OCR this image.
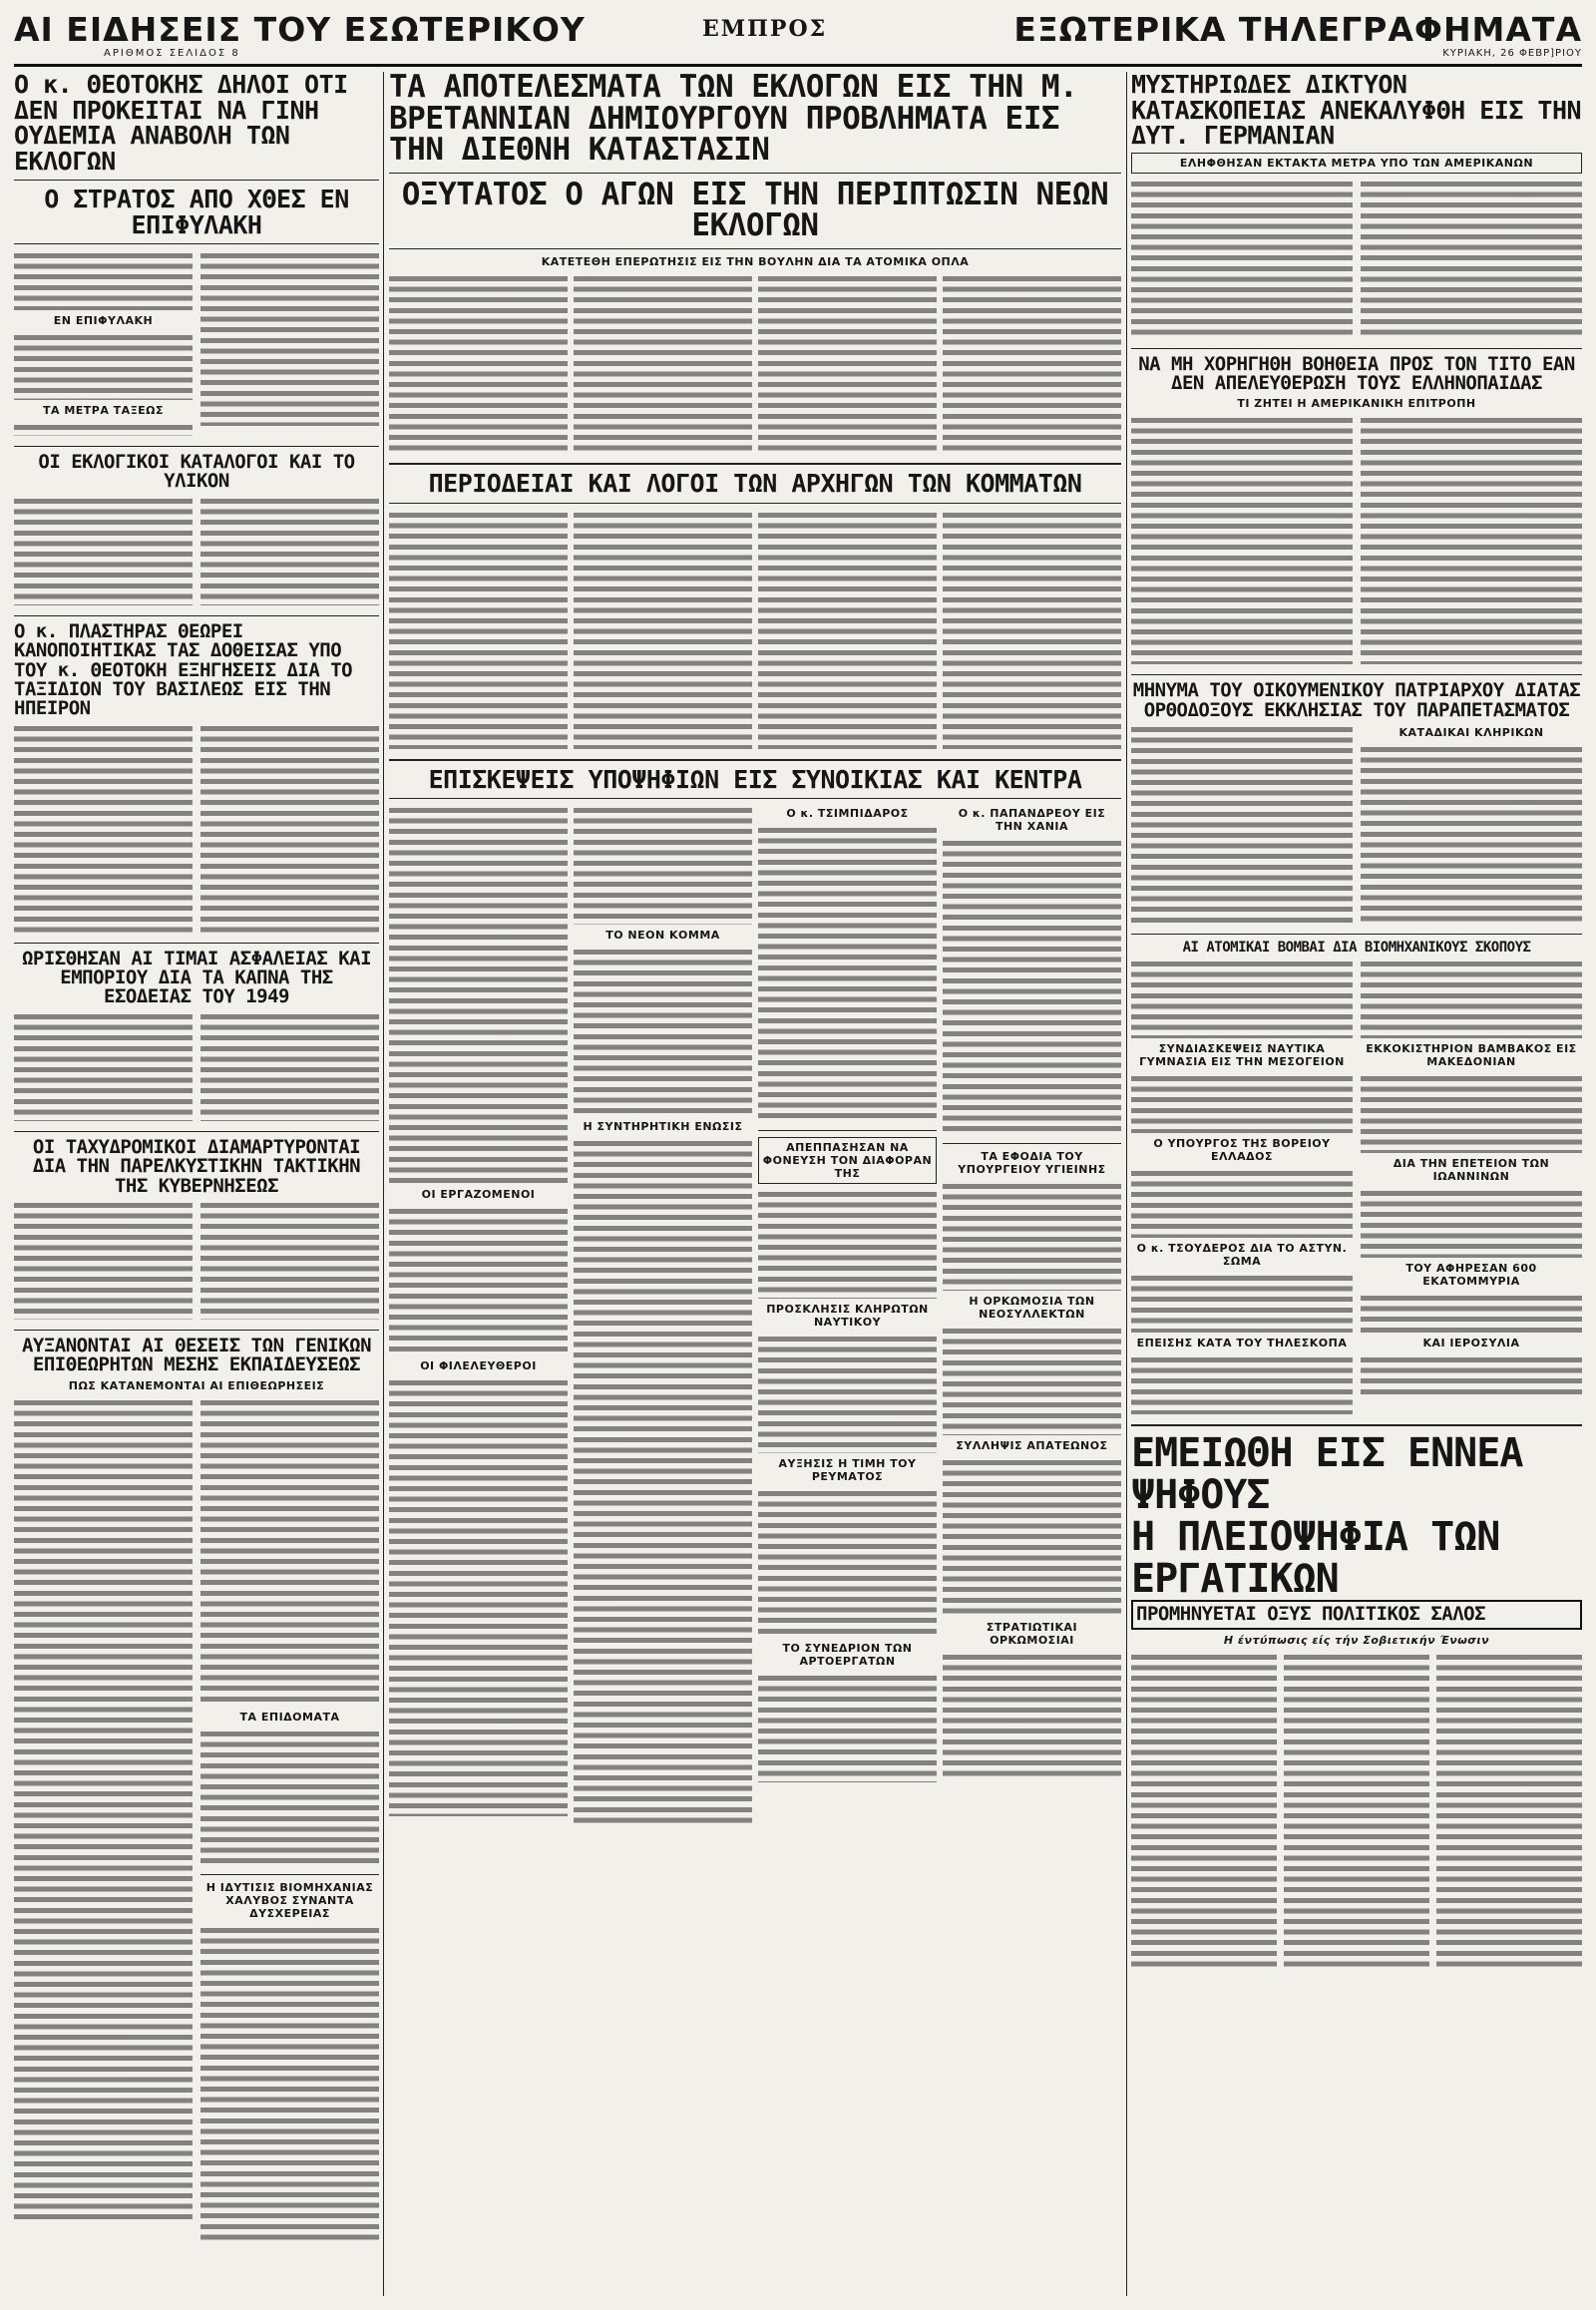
ΑΙ ΕΙΔΗΣΕΙΣ ΤΟΥ ΕΣΩΤΕΡΙΚΟΥ
ΑΡΙΘΜΟΣ ΣΕΛΙΔΟΣ 8
ΕΜΠΡΟΣ	ΕΞΩΤΕΡΙΚΑ ΤΗΛΕΓΡΑΦΗΜΑΤΑ
ΚΥΡΙΑΚΗ, 26 ΦΕΒΡ]ΡΙΟΥ
Ο κ. ΘΕΟΤΟΚΗΣ ΔΗΛΟΙ ΟΤΙ ΔΕΝ ΠΡΟΚΕΙΤΑΙ ΝΑ ΓΙΝΗ ΟΥΔΕΜΙΑ ΑΝΑΒΟΛΗ ΤΩΝ ΕΚΛΟΓΩΝ
Ο ΣΤΡΑΤΟΣ ΑΠΟ ΧΘΕΣ ΕΝ ΕΠΙΦΥΛΑΚΗ
ΕΝ ΕΠΙΦΥΛΑΚΗ
ΤΑ ΜΕΤΡΑ ΤΑΞΕΩΣ
ΟΙ ΕΚΛΟΓΙΚΟΙ ΚΑΤΑΛΟΓΟΙ ΚΑΙ ΤΟ ΥΛΙΚΟΝ
Ο κ. ΠΛΑΣΤΗΡΑΣ ΘΕΩΡΕΙ ΚΑΝΟΠΟΙΗΤΙΚΑΣ ΤΑΣ ΔΟΘΕΙΣΑΣ ΥΠΟ ΤΟΥ κ. ΘΕΟΤΟΚΗ ΕΞΗΓΗΣΕΙΣ ΔΙΑ ΤΟ ΤΑΞΙΔΙΟΝ ΤΟΥ ΒΑΣΙΛΕΩΣ ΕΙΣ ΤΗΝ ΗΠΕΙΡΟΝ
ΩΡΙΣΘΗΣΑΝ ΑΙ ΤΙΜΑΙ ΑΣΦΑΛΕΙΑΣ ΚΑΙ ΕΜΠΟΡΙΟΥ ΔΙΑ ΤΑ ΚΑΠΝΑ ΤΗΣ ΕΣΟΔΕΙΑΣ ΤΟΥ 1949
ΟΙ ΤΑΧΥΔΡΟΜΙΚΟΙ ΔΙΑΜΑΡΤΥΡΟΝΤΑΙ ΔΙΑ ΤΗΝ ΠΑΡΕΛΚΥΣΤΙΚΗΝ ΤΑΚΤΙΚΗΝ ΤΗΣ ΚΥΒΕΡΝΗΣΕΩΣ
ΑΥΞΑΝΟΝΤΑΙ ΑΙ ΘΕΣΕΙΣ ΤΩΝ ΓΕΝΙΚΩΝ ΕΠΙΘΕΩΡΗΤΩΝ ΜΕΣΗΣ ΕΚΠΑΙΔΕΥΣΕΩΣ
ΠΩΣ ΚΑΤΑΝΕΜΟΝΤΑΙ ΑΙ ΕΠΙΘΕΩΡΗΣΕΙΣ
ΤΑ ΕΠΙΔΟΜΑΤΑ
Η ΙΔΥΤΙΣΙΣ ΒΙΟΜΗΧΑΝΙΑΣ ΧΑΛΥΒΟΣ ΣΥΝΑΝΤΑ ΔΥΣΧΕΡΕΙΑΣ
ΤΑ ΑΠΟΤΕΛΕΣΜΑΤΑ ΤΩΝ ΕΚΛΟΓΩΝ ΕΙΣ ΤΗΝ Μ. ΒΡΕΤΑΝΝΙΑΝ ΔΗΜΙΟΥΡΓΟΥΝ ΠΡΟΒΛΗΜΑΤΑ ΕΙΣ ΤΗΝ ΔΙΕΘΝΗ ΚΑΤΑΣΤΑΣΙΝ
ΟΞΥΤΑΤΟΣ Ο ΑΓΩΝ ΕΙΣ ΤΗΝ ΠΕΡΙΠΤΩΣΙΝ ΝΕΩΝ ΕΚΛΟΓΩΝ
ΚΑΤΕΤΕΘΗ ΕΠΕΡΩΤΗΣΙΣ ΕΙΣ ΤΗΝ ΒΟΥΛΗΝ ΔΙΑ ΤΑ ΑΤΟΜΙΚΑ ΟΠΛΑ
ΠΕΡΙΟΔΕΙΑΙ ΚΑΙ ΛΟΓΟΙ ΤΩΝ ΑΡΧΗΓΩΝ ΤΩΝ ΚΟΜΜΑΤΩΝ
ΕΠΙΣΚΕΨΕΙΣ ΥΠΟΨΗΦΙΩΝ ΕΙΣ ΣΥΝΟΙΚΙΑΣ ΚΑΙ ΚΕΝΤΡΑ
ΟΙ ΕΡΓΑΖΟΜΕΝΟΙ
ΟΙ ΦΙΛΕΛΕΥΘΕΡΟΙ
ΤΟ ΝΕΟΝ ΚΟΜΜΑ
Η ΣΥΝΤΗΡΗΤΙΚΗ ΕΝΩΣΙΣ
Ο κ. ΤΣΙΜΠΙΔΑΡΟΣ
ΑΠΕΠΠΑΣΗΣΑΝ ΝΑ ΦΟΝΕΥΣΗ ΤΟΝ ΔΙΑΦΟΡΑΝ ΤΗΣ
ΠΡΟΣΚΛΗΣΙΣ ΚΛΗΡΩΤΩΝ ΝΑΥΤΙΚΟΥ
ΑΥΞΗΣΙΣ Η ΤΙΜΗ ΤΟΥ ΡΕΥΜΑΤΟΣ
ΤΟ ΣΥΝΕΔΡΙΟΝ ΤΩΝ ΑΡΤΟΕΡΓΑΤΩΝ
Ο κ. ΠΑΠΑΝΔΡΕΟΥ ΕΙΣ ΤΗΝ ΧΑΝΙΑ
ΤΑ ΕΦΟΔΙΑ ΤΟΥ ΥΠΟΥΡΓΕΙΟΥ ΥΓΙΕΙΝΗΣ
Η ΟΡΚΩΜΟΣΙΑ ΤΩΝ ΝΕΟΣΥΛΛΕΚΤΩΝ
ΣΥΛΛΗΨΙΣ ΑΠΑΤΕΩΝΟΣ
ΣΤΡΑΤΙΩΤΙΚΑΙ ΟΡΚΩΜΟΣΙΑΙ
ΜΥΣΤΗΡΙΩΔΕΣ ΔΙΚΤΥΟΝ ΚΑΤΑΣΚΟΠΕΙΑΣ ΑΝΕΚΑΛΥΦΘΗ ΕΙΣ ΤΗΝ ΔΥΤ. ΓΕΡΜΑΝΙΑΝ
ΕΛΗΦΘΗΣΑΝ ΕΚΤΑΚΤΑ ΜΕΤΡΑ ΥΠΟ ΤΩΝ ΑΜΕΡΙΚΑΝΩΝ
ΝΑ ΜΗ ΧΟΡΗΓΗΘΗ ΒΟΗΘΕΙΑ ΠΡΟΣ ΤΟΝ ΤΙΤΟ ΕΑΝ ΔΕΝ ΑΠΕΛΕΥΘΕΡΩΣΗ ΤΟΥΣ ΕΛΛΗΝΟΠΑΙΔΑΣ
ΤΙ ΖΗΤΕΙ Η ΑΜΕΡΙΚΑΝΙΚΗ ΕΠΙΤΡΟΠΗ
ΜΗΝΥΜΑ ΤΟΥ ΟΙΚΟΥΜΕΝΙΚΟΥ ΠΑΤΡΙΑΡΧΟΥ ΔΙΑΤΑΣ ΟΡΘΟΔΟΞΟΥΣ ΕΚΚΛΗΣΙΑΣ ΤΟΥ ΠΑΡΑΠΕΤΑΣΜΑΤΟΣ
ΚΑΤΑΔΙΚΑΙ ΚΛΗΡΙΚΩΝ
ΑΙ ΑΤΟΜΙΚΑΙ ΒΟΜΒΑΙ ΔΙΑ ΒΙΟΜΗΧΑΝΙΚΟΥΣ ΣΚΟΠΟΥΣ
ΣΥΝΔΙΑΣΚΕΨΕΙΣ ΝΑΥΤΙΚΑ ΓΥΜΝΑΣΙΑ ΕΙΣ ΤΗΝ ΜΕΣΟΓΕΙΟΝ
Ο ΥΠΟΥΡΓΟΣ ΤΗΣ ΒΟΡΕΙΟΥ ΕΛΛΑΔΟΣ
Ο κ. ΤΣΟΥΔΕΡΟΣ ΔΙΑ ΤΟ ΑΣΤΥΝ. ΣΩΜΑ
ΕΠΕΙΣΗΣ ΚΑΤΑ ΤΟΥ ΤΗΛΕΣΚΟΠΑ
ΕΚΚΟΚΙΣΤΗΡΙΟΝ ΒΑΜΒΑΚΟΣ ΕΙΣ ΜΑΚΕΔΟΝΙΑΝ
ΔΙΑ ΤΗΝ ΕΠΕΤΕΙΟΝ ΤΩΝ ΙΩΑΝΝΙΝΩΝ
ΤΟΥ ΑΦΗΡΕΣΑΝ 600 ΕΚΑΤΟΜΜΥΡΙΑ
ΚΑΙ ΙΕΡΟΣΥΛΙΑ
ΕΜΕΙΩΘΗ ΕΙΣ ΕΝΝΕΑ ΨΗΦΟΥΣ
Η ΠΛΕΙΟΨΗΦΙΑ ΤΩΝ ΕΡΓΑΤΙΚΩΝ
ΠΡΟΜΗΝΥΕΤΑΙ ΟΞΥΣ ΠΟΛΙΤΙΚΟΣ ΣΑΛΟΣ
Η έντύπωσις είς τήν Σοβιετικήν Ένωσιν
